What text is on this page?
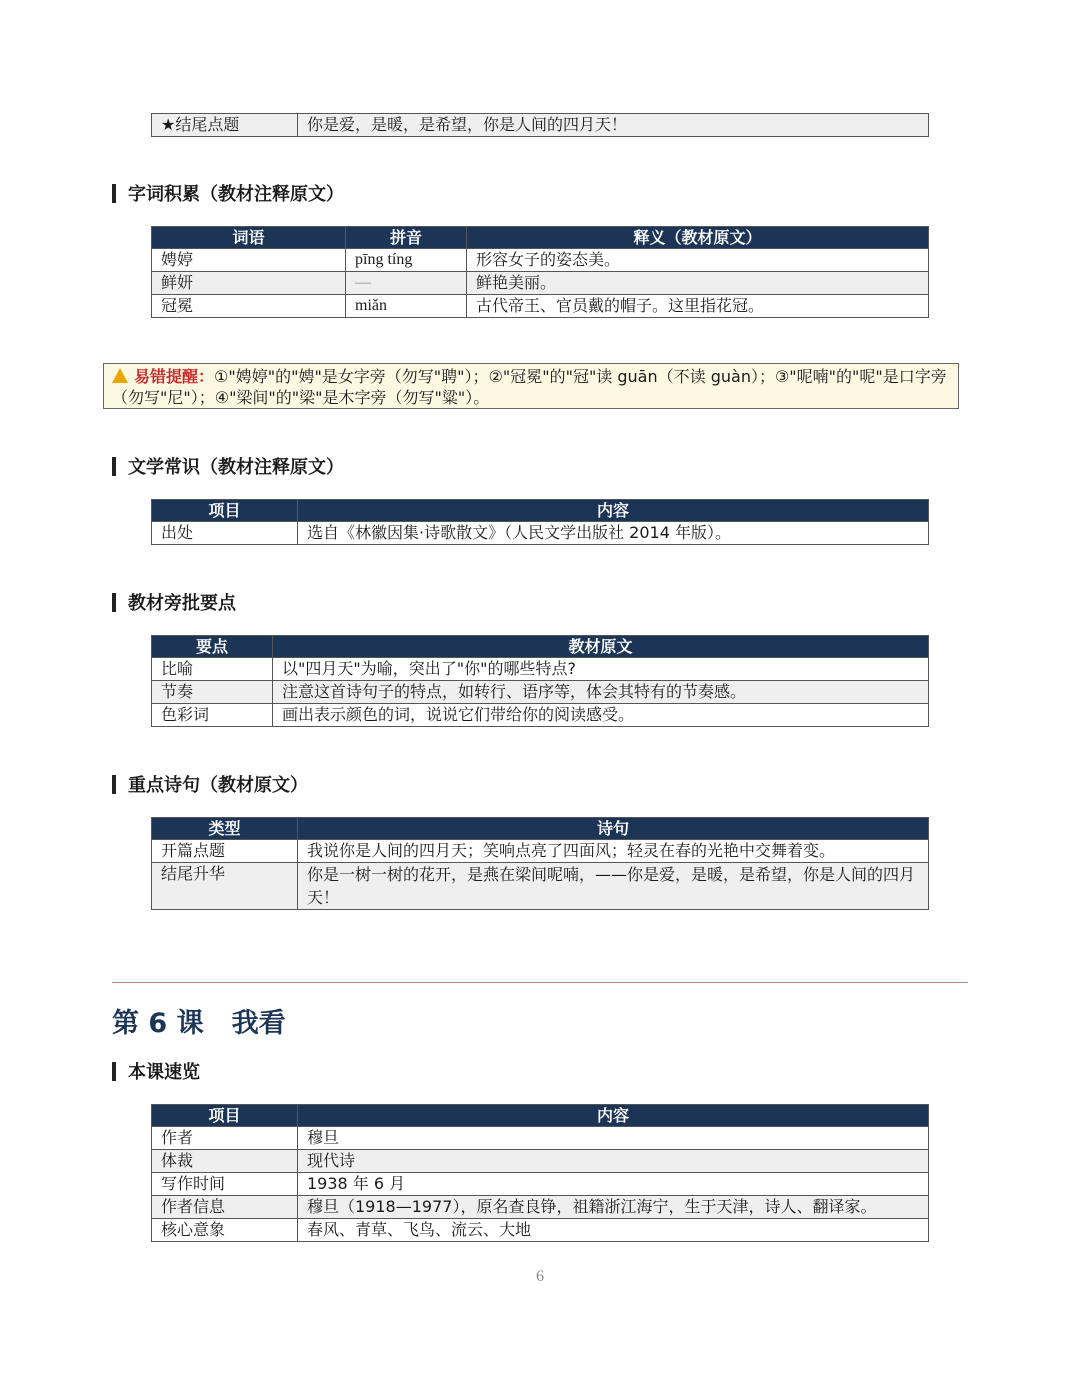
★结尾点题	你是爱，是暖，是希望，你是人间的四月天！
字词积累（教材注释原文）
词语	拼音	释义（教材原文）
娉婷	pīng tíng	形容女子的姿态美。
鲜妍	—	鲜艳美丽。
冠冕	miǎn	古代帝王、官员戴的帽子。这里指花冠。
易错提醒：①"娉婷"的"娉"是女字旁（勿写"聘"）；②"冠冕"的"冠"读 guān（不读 guàn）；③"呢喃"的"呢"是口字旁（勿写"尼"）；④"梁间"的"梁"是木字旁（勿写"粱"）。
文学常识（教材注释原文）
项目	内容
出处	选自《林徽因集·诗歌散文》（人民文学出版社 2014 年版）。
教材旁批要点
要点	教材原文
比喻	以"四月天"为喻，突出了"你"的哪些特点?
节奏	注意这首诗句子的特点，如转行、语序等，体会其特有的节奏感。
色彩词	画出表示颜色的词，说说它们带给你的阅读感受。
重点诗句（教材原文）
类型	诗句
开篇点题	我说你是人间的四月天；笑响点亮了四面风；轻灵在春的光艳中交舞着变。
结尾升华	你是一树一树的花开，是燕在梁间呢喃，——你是爱，是暖，是希望，你是人间的四月天！
第 6 课 我看
本课速览
项目	内容
作者	穆旦
体裁	现代诗
写作时间	1938 年 6 月
作者信息	穆旦（1918—1977），原名查良铮，祖籍浙江海宁，生于天津，诗人、翻译家。
核心意象	春风、青草、飞鸟、流云、大地
6
